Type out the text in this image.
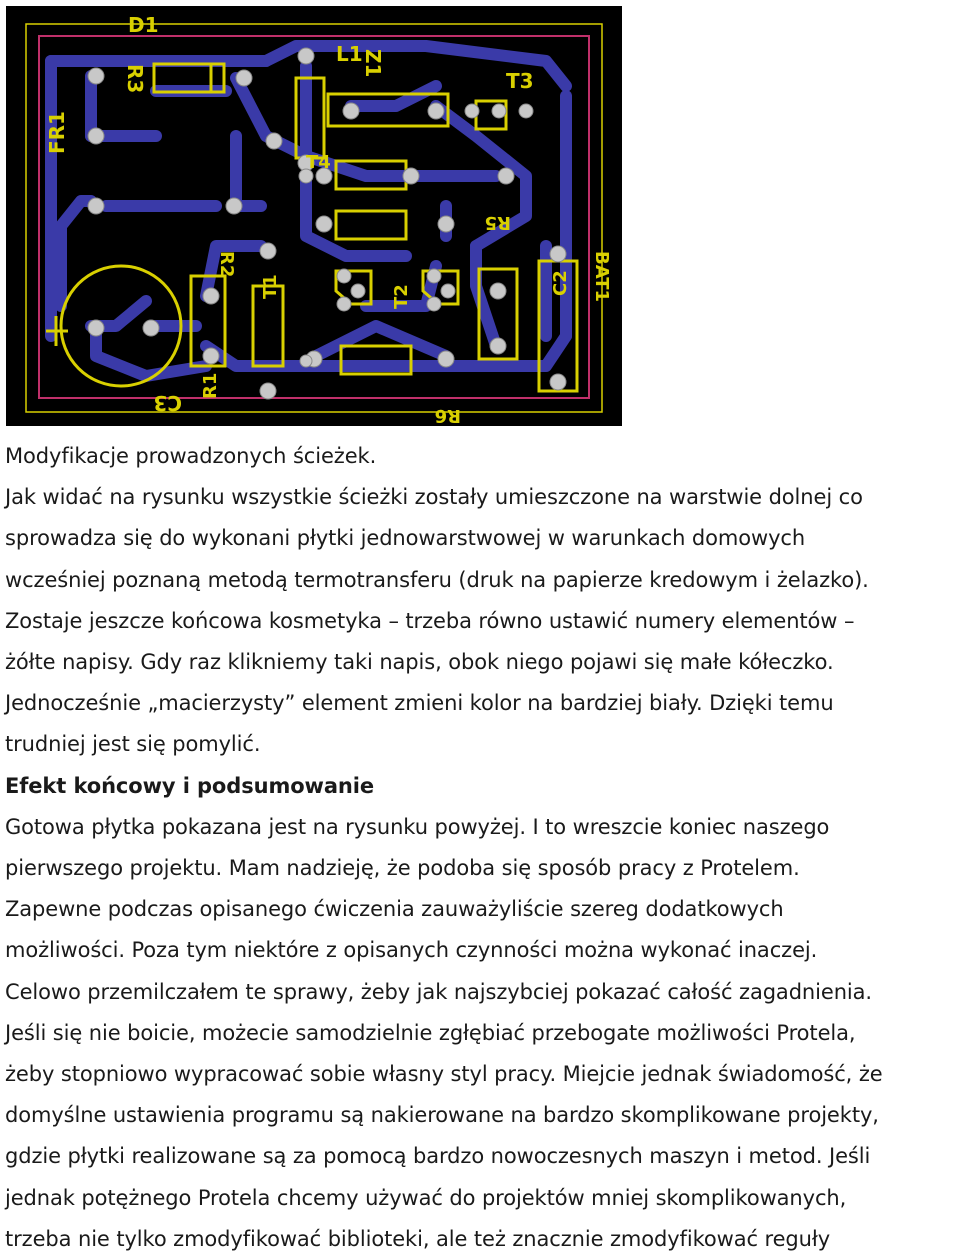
D1
R3
L1
Z1
T3
FR1
T4
R5
R2
T1	T2	BAT1
C2
C3
R1
R6
Modyfikacje prowadzonych ścieżek.
Jak widać na rysunku wszystkie ścieżki zostały umieszczone na warstwie dolnej co
sprowadza się do wykonani płytki jednowarstwowej w warunkach domowych
wcześniej poznaną metodą termotransferu (druk na papierze kredowym i żelazko).
Zostaje jeszcze końcowa kosmetyka – trzeba równo ustawić numery elementów –
żółte napisy. Gdy raz klikniemy taki napis, obok niego pojawi się małe kółeczko.
Jednocześnie „macierzysty” element zmieni kolor na bardziej biały. Dzięki temu
trudniej jest się pomylić.
Efekt końcowy i podsumowanie
Gotowa płytka pokazana jest na rysunku powyżej. I to wreszcie koniec naszego
pierwszego projektu. Mam nadzieję, że podoba się sposób pracy z Protelem.
Zapewne podczas opisanego ćwiczenia zauważyliście szereg dodatkowych
możliwości. Poza tym niektóre z opisanych czynności można wykonać inaczej.
Celowo przemilczałem te sprawy, żeby jak najszybciej pokazać całość zagadnienia.
Jeśli się nie boicie, możecie samodzielnie zgłębiać przebogate możliwości Protela,
żeby stopniowo wypracować sobie własny styl pracy. Miejcie jednak świadomość, że
domyślne ustawienia programu są nakierowane na bardzo skomplikowane projekty,
gdzie płytki realizowane są za pomocą bardzo nowoczesnych maszyn i metod. Jeśli
jednak potężnego Protela chcemy używać do projektów mniej skomplikowanych,
trzeba nie tylko zmodyfikować biblioteki, ale też znacznie zmodyfikować reguły
